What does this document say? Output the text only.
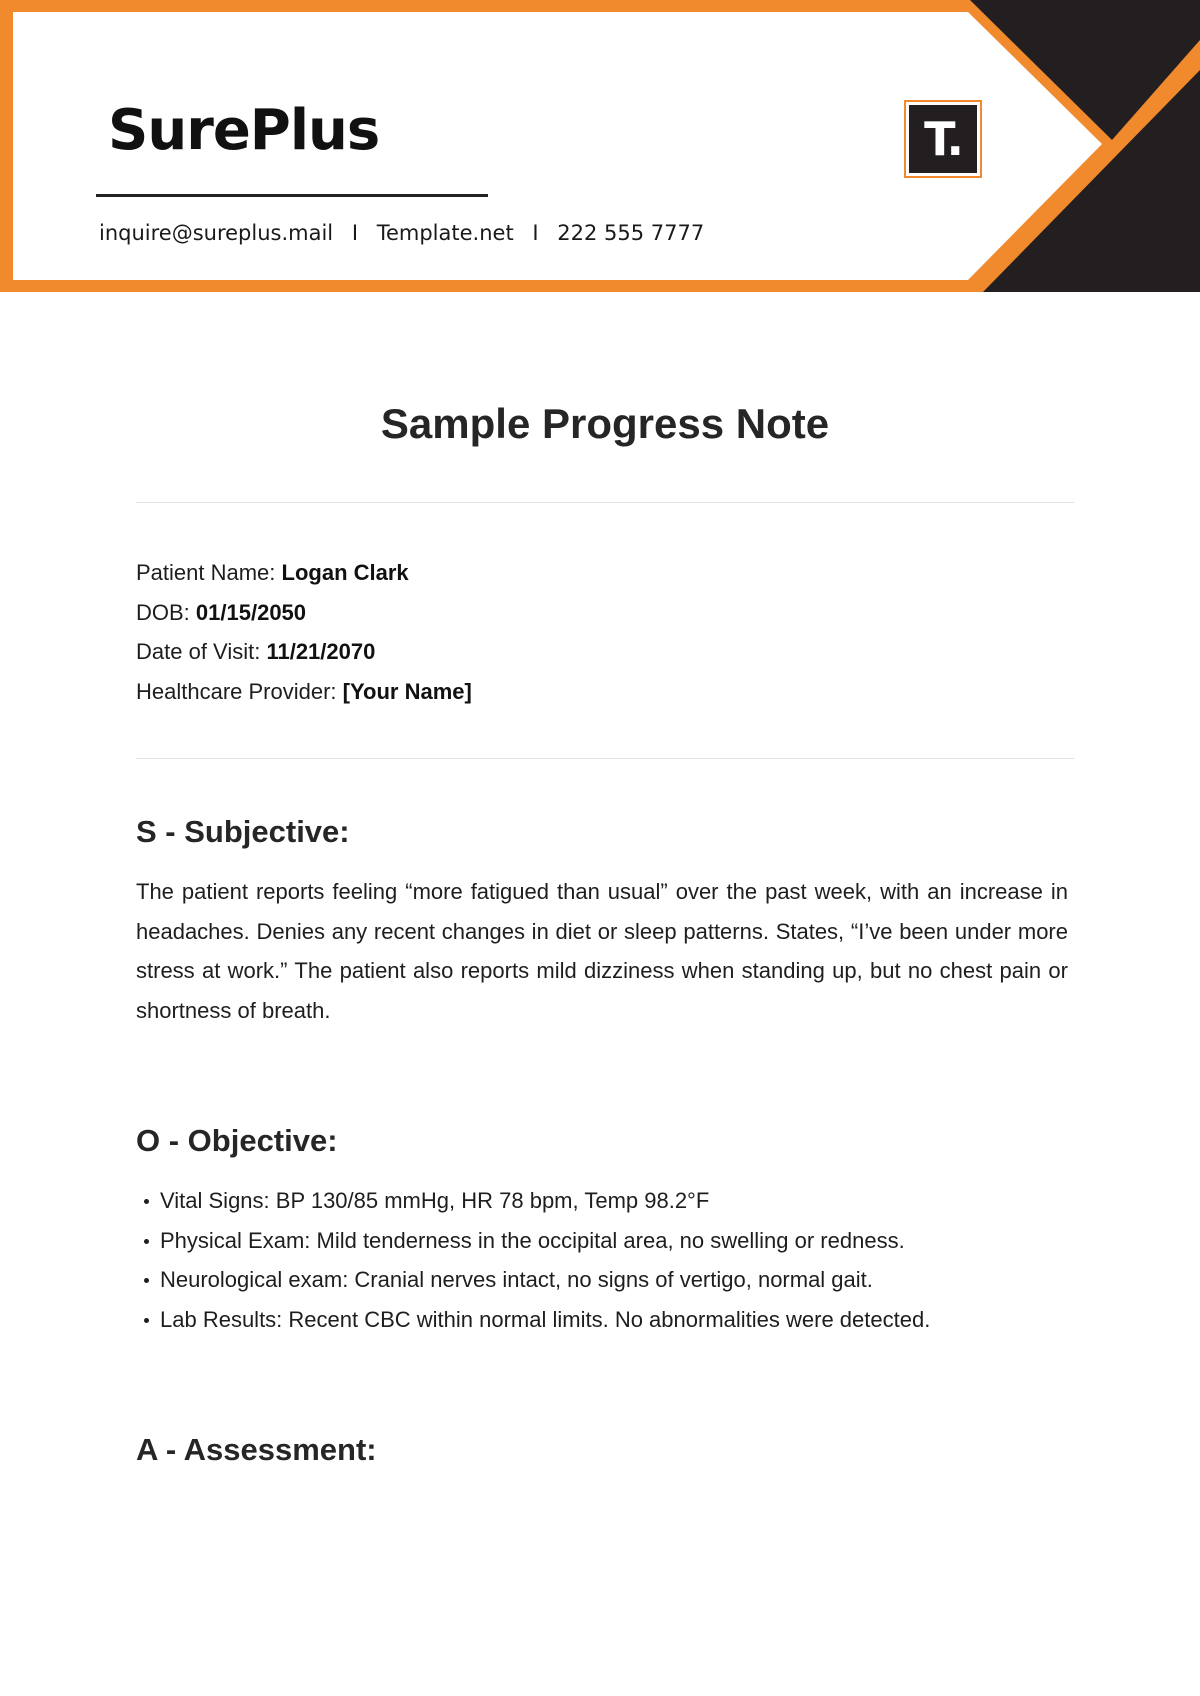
SurePlus
inquire@sureplus.mail I Template.net I 222 555 7777
T.
Sample Progress Note
Patient Name: Logan Clark
DOB: 01/15/2050
Date of Visit: 11/21/2070
Healthcare Provider: [Your Name]
S - Subjective:

The patient reports feeling “more fatigued than usual” over the past week, with an increase in headaches. Denies any recent changes in diet or sleep patterns. States, “I’ve been under more stress at work.” The patient also reports mild dizziness when standing up, but no chest pain or shortness of breath.

O - Objective:
Vital Signs: BP 130/85 mmHg, HR 78 bpm, Temp 98.2°F
Physical Exam: Mild tenderness in the occipital area, no swelling or redness.
Neurological exam: Cranial nerves intact, no signs of vertigo, normal gait.
Lab Results: Recent CBC within normal limits. No abnormalities were detected.
A - Assessment:
